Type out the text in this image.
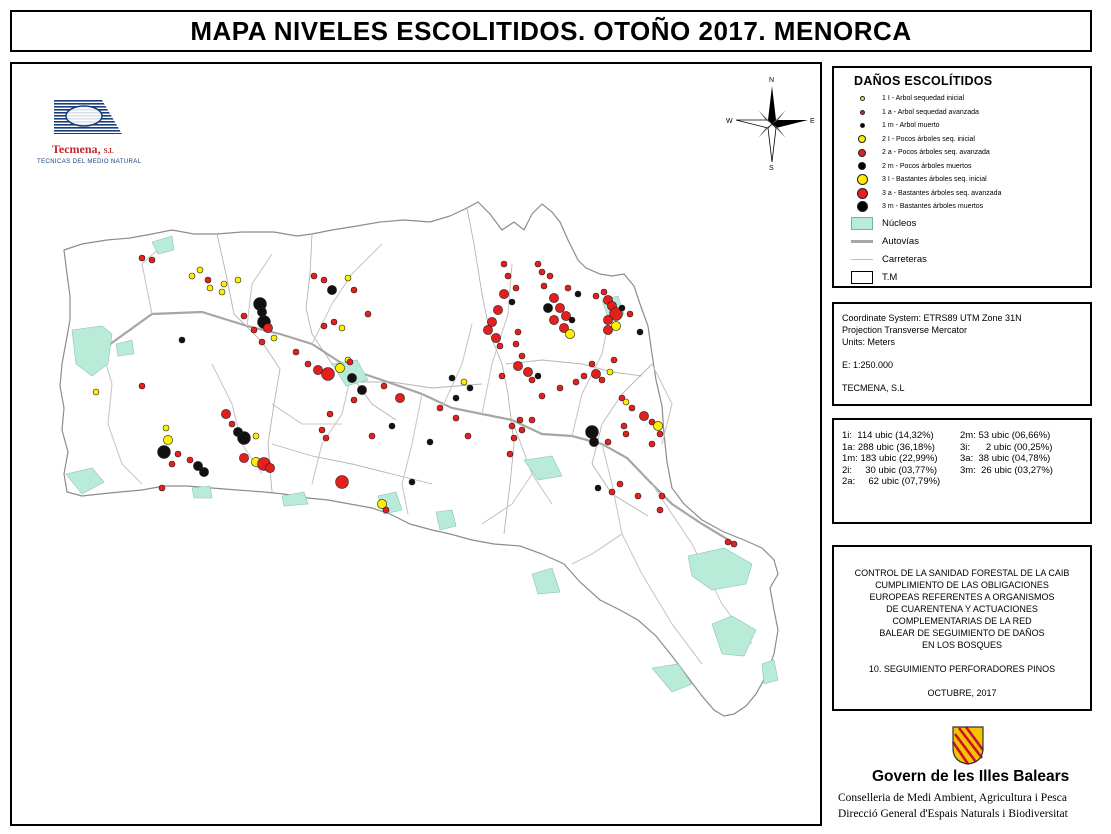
MAPA NIVELES ESCOLITIDOS. OTOÑO 2017. MENORCA
Tecmena, S.L
TECNICAS DEL MEDIO NATURAL
N
S
E
W
DAÑOS ESCOLÍTIDOS
1 I - Arbol sequedad inicial
1 a - Arbol sequedad avanzada
1 m - Arbol muerto
2 I - Pocos árboles seq. inicial
2 a - Pocos árboles seq. avanzada
2 m - Pocos árboles muertos
3 I - Bastantes árboles seq. inicial
3 a - Bastantes árboles seq. avanzada
3 m - Bastantes árboles muertos
Núcleos
Autovías
Carreteras
T.M
Coordinate System: ETRS89 UTM Zone 31N
Projection Transverse Mercator
Units: Meters
E: 1:250.000
TECMENA, S.L
1i:  114 ubic (14,32%)	2m: 53 ubic (06,66%)
1a: 288 ubic (36,18%)	3i:      2 ubic (00,25%)
1m: 183 ubic (22,99%)	3a:  38 ubic (04,78%)
2i:     30 ubic (03,77%)	3m:  26 ubic (03,27%)
2a:     62 ubic (07,79%)

CONTROL DE LA SANIDAD FORESTAL DE LA CAIB

CUMPLIMIENTO DE LAS OBLIGACIONES

EUROPEAS REFERENTES A ORGANISMOS

DE CUARENTENA Y ACTUACIONES

COMPLEMENTARIAS DE LA RED

BALEAR DE SEGUIMIENTO DE DAÑOS

EN LOS BOSQUES

10. SEGUIMIENTO PERFORADORES PINOS

OCTUBRE, 2017

Govern de les Illes Balears
Conselleria de Medi Ambient, Agricultura i Pesca
Direcció General d'Espais Naturals i Biodiversitat
